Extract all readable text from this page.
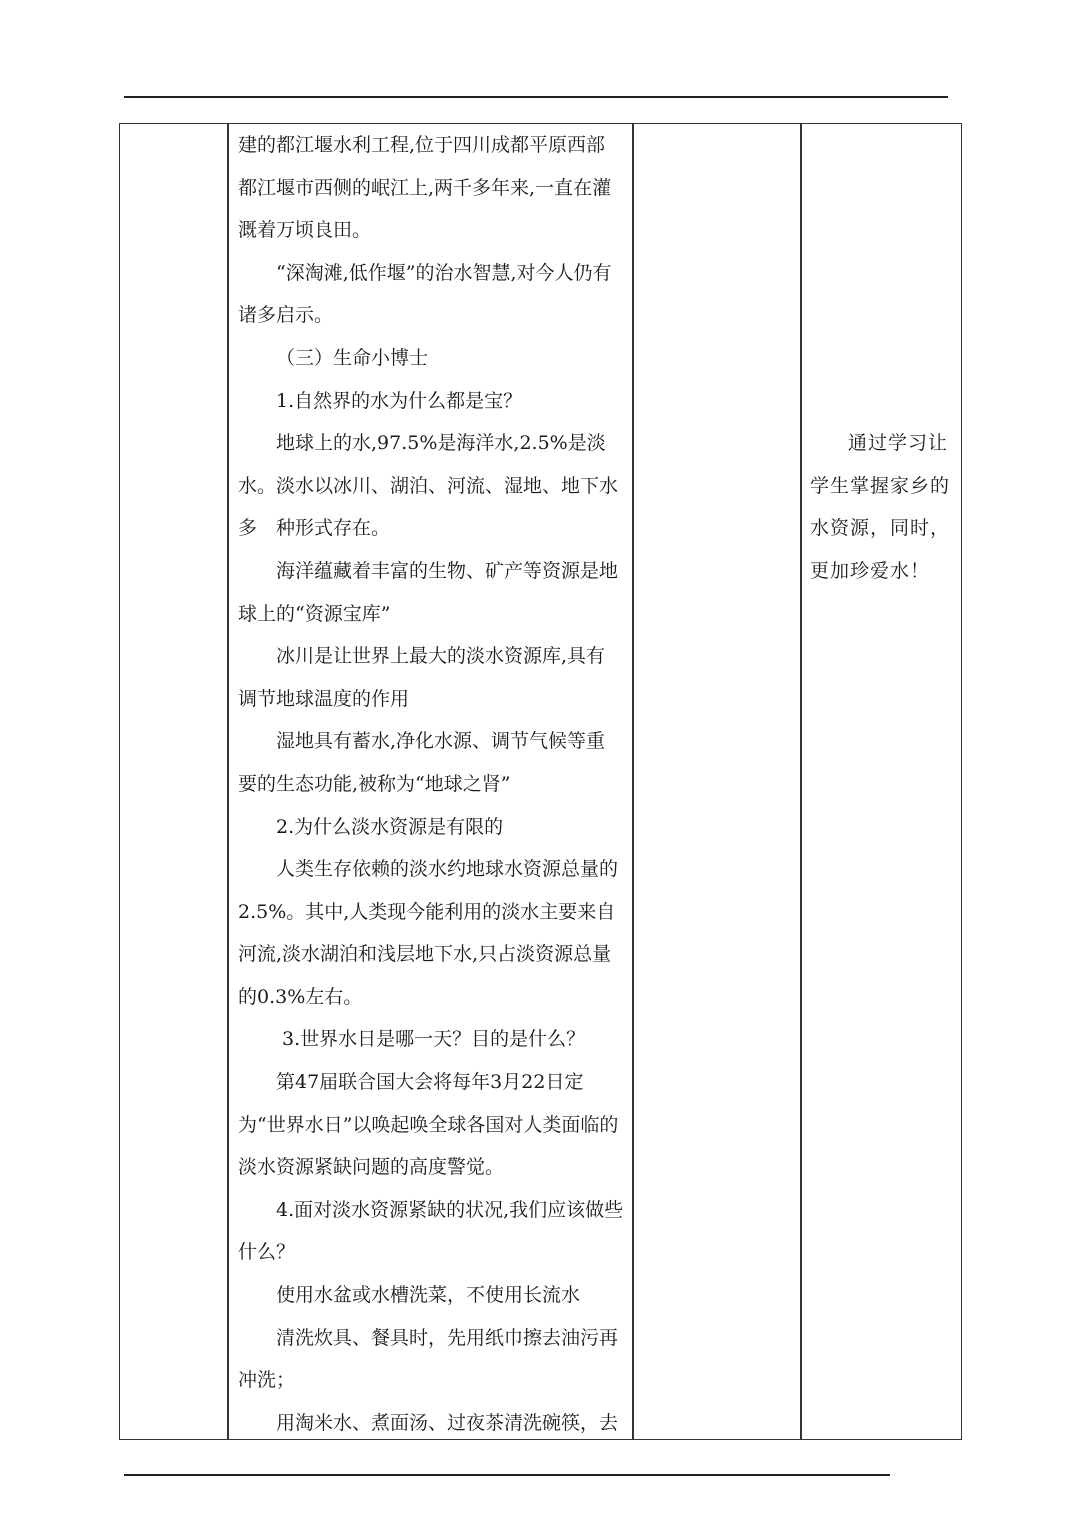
建的都江堰水利工程,位于四川成都平原西部都江堰市西侧的岷江上,两千多年来,一直在灌溉着万顷良田。

“深淘滩,低作堰”的治水智慧,对今人仍有诸多启示。

（三）生命小博士

1.自然界的水为什么都是宝？

地球上的水,97.5%是海洋水,2.5%是淡水。淡水以冰川、湖泊、河流、湿地、地下水多　种形式存在。

海洋蕴藏着丰富的生物、矿产等资源是地球上的“资源宝库”

冰川是让世界上最大的淡水资源库,具有调节地球温度的作用

湿地具有蓄水,净化水源、调节气候等重要的生态功能,被称为“地球之肾”

2.为什么淡水资源是有限的

人类生存依赖的淡水约地球水资源总量的2.5%。其中,人类现今能利用的淡水主要来自河流,淡水湖泊和浅层地下水,只占淡资源总量的0.3%左右。

3.世界水日是哪一天？目的是什么？

第47届联合国大会将每年3月22日定为“世界水日”以唤起唤全球各国对人类面临的淡水资源紧缺问题的高度警觉。

4.面对淡水资源紧缺的状况,我们应该做些什么？

使用水盆或水槽洗菜，不使用长流水

清洗炊具、餐具时，先用纸巾擦去油污再冲洗；

用淘米水、煮面汤、过夜茶清洗碗筷，去

通过学习让学生掌握家乡的水资源，同时，更加珍爱水！
